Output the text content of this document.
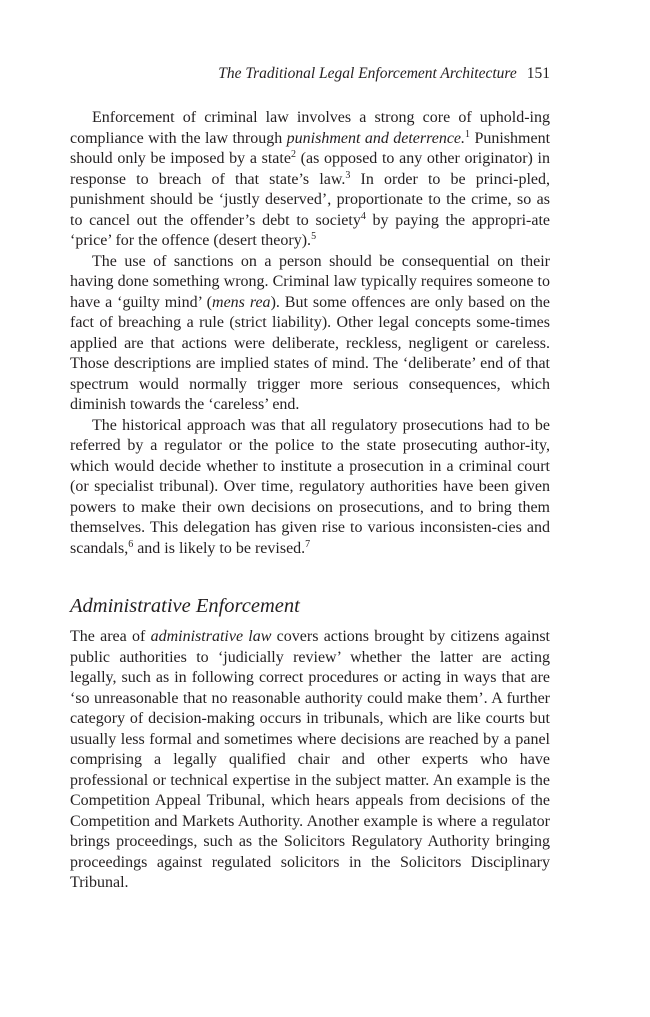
The Traditional Legal Enforcement Architecture 151

Enforcement of criminal law involves a strong core of uphold-ing compliance with the law through punishment and deterrence.$^1$ Punishment should only be imposed by a state$^2$ (as opposed to any other originator) in response to breach of that state’s law.$^3$ In order to be princi-pled, punishment should be ‘justly deserved’, proportionate to the crime, so as to cancel out the offender’s debt to society$^4$ by paying the appropri-ate ‘price’ for the offence (desert theory).$^5$

The use of sanctions on a person should be consequential on their having done something wrong. Criminal law typically requires someone to have a ‘guilty mind’ (mens rea). But some offences are only based on the fact of breaching a rule (strict liability). Other legal concepts some-times applied are that actions were deliberate, reckless, negligent or careless. Those descriptions are implied states of mind. The ‘deliberate’ end of that spectrum would normally trigger more serious consequences, which diminish towards the ‘careless’ end.

The historical approach was that all regulatory prosecutions had to be referred by a regulator or the police to the state prosecuting author-ity, which would decide whether to institute a prosecution in a criminal court (or specialist tribunal). Over time, regulatory authorities have been given powers to make their own decisions on prosecutions, and to bring them themselves. This delegation has given rise to various inconsisten-cies and scandals,$^6$ and is likely to be revised.$^7$

Administrative Enforcement

The area of administrative law covers actions brought by citizens against public authorities to ‘judicially review’ whether the latter are acting legally, such as in following correct procedures or acting in ways that are ‘so unreasonable that no reasonable authority could make them’. A further category of decision-making occurs in tribunals, which are like courts but usually less formal and sometimes where decisions are reached by a panel comprising a legally qualified chair and other experts who have professional or technical expertise in the subject matter. An example is the Competition Appeal Tribunal, which hears appeals from decisions of the Competition and Markets Authority. Another example is where a regulator brings proceedings, such as the Solicitors Regulatory Authority bringing proceedings against regulated solicitors in the Solicitors Disciplinary Tribunal.
